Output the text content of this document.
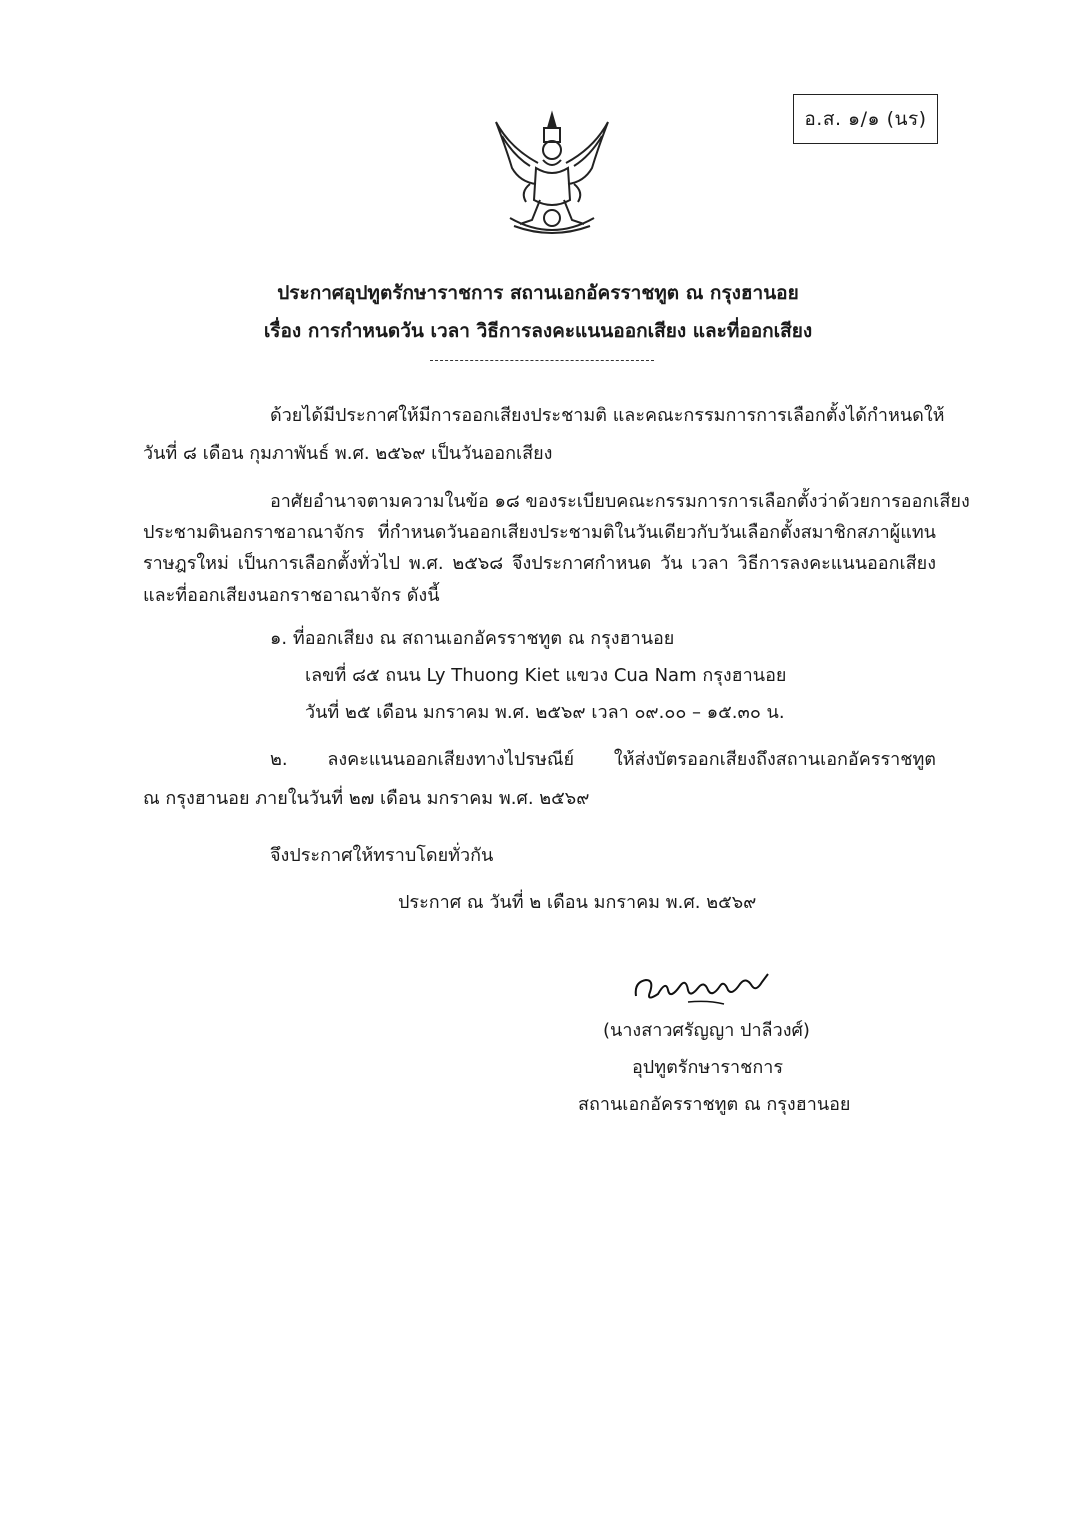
อ.ส. ๑/๑ (นร)
ประกาศอุปทูตรักษาราชการ สถานเอกอัครราชทูต ณ กรุงฮานอย
เรื่อง การกำหนดวัน เวลา วิธีการลงคะแนนออกเสียง และที่ออกเสียง
ด้วยได้มีประกาศให้มีการออกเสียงประชามติ และคณะกรรมการการเลือกตั้งได้กำหนดให้
วันที่ ๘ เดือน กุมภาพันธ์ พ.ศ. ๒๕๖๙ เป็นวันออกเสียง
อาศัยอำนาจตามความในข้อ ๑๘ ของระเบียบคณะกรรมการการเลือกตั้งว่าด้วยการออกเสียง
ประชามตินอกราชอาณาจักร ที่กำหนดวันออกเสียงประชามติในวันเดียวกับวันเลือกตั้งสมาชิกสภาผู้แทน
ราษฎรใหม่ เป็นการเลือกตั้งทั่วไป พ.ศ. ๒๕๖๘ จึงประกาศกำหนด วัน เวลา วิธีการลงคะแนนออกเสียง
และที่ออกเสียงนอกราชอาณาจักร ดังนี้
๑. ที่ออกเสียง ณ สถานเอกอัครราชทูต ณ กรุงฮานอย
เลขที่ ๘๕ ถนน Ly Thuong Kiet แขวง Cua Nam กรุงฮานอย
วันที่ ๒๕ เดือน มกราคม พ.ศ. ๒๕๖๙ เวลา ๐๙.๐๐ – ๑๕.๓๐ น.
๒. ลงคะแนนออกเสียงทางไปรษณีย์ ให้ส่งบัตรออกเสียงถึงสถานเอกอัครราชทูต
ณ กรุงฮานอย ภายในวันที่ ๒๗ เดือน มกราคม พ.ศ. ๒๕๖๙
จึงประกาศให้ทราบโดยทั่วกัน
ประกาศ ณ วันที่ ๒ เดือน มกราคม พ.ศ. ๒๕๖๙
(นางสาวศรัญญา ปาลีวงศ์)
อุปทูตรักษาราชการ
สถานเอกอัครราชทูต ณ กรุงฮานอย
